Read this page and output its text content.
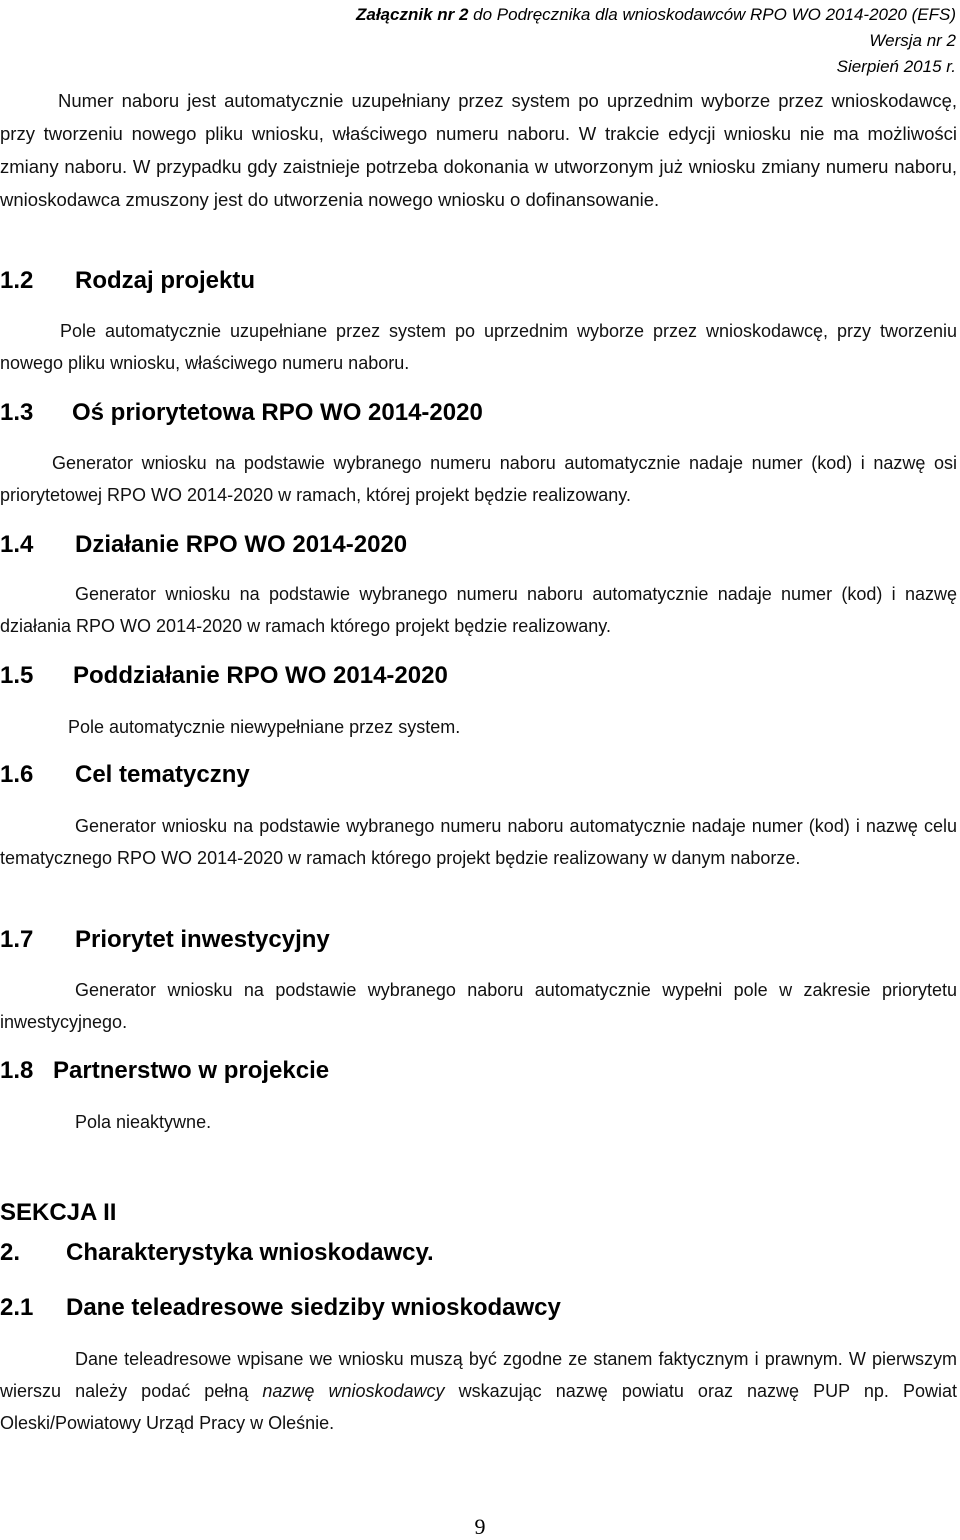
Załącznik nr 2 do Podręcznika dla wnioskodawców RPO WO 2014-2020 (EFS)
Wersja nr 2
Sierpień 2015 r.
Numer naboru jest automatycznie uzupełniany przez system po uprzednim wyborze przez wnioskodawcę, przy tworzeniu nowego pliku wniosku, właściwego numeru naboru. W trakcie edycji wniosku nie ma możliwości zmiany naboru. W przypadku gdy zaistnieje potrzeba dokonania w utworzonym już wniosku zmiany numeru naboru, wnioskodawca zmuszony jest do utworzenia nowego wniosku o dofinansowanie.
1.2 Rodzaj projektu
Pole automatycznie uzupełniane przez system po uprzednim wyborze przez wnioskodawcę, przy tworzeniu nowego pliku wniosku, właściwego numeru naboru.
1.3 Oś priorytetowa RPO WO 2014-2020
Generator wniosku na podstawie wybranego numeru naboru automatycznie nadaje numer (kod) i nazwę osi priorytetowej RPO WO 2014-2020 w ramach, której projekt będzie realizowany.
1.4 Działanie RPO WO 2014-2020
Generator wniosku na podstawie wybranego numeru naboru automatycznie nadaje numer (kod) i nazwę działania RPO WO 2014-2020 w ramach którego projekt będzie realizowany.
1.5 Poddziałanie RPO WO 2014-2020
Pole automatycznie niewypełniane przez system.
1.6 Cel tematyczny
Generator wniosku na podstawie wybranego numeru naboru automatycznie nadaje numer (kod) i nazwę celu tematycznego RPO WO 2014-2020 w ramach którego projekt będzie realizowany w danym naborze.
1.7 Priorytet inwestycyjny
Generator wniosku na podstawie wybranego naboru automatycznie wypełni pole w zakresie priorytetu inwestycyjnego.
1.8 Partnerstwo w projekcie
Pola nieaktywne.
SEKCJA II
2. Charakterystyka wnioskodawcy.
2.1 Dane teleadresowe siedziby wnioskodawcy
Dane teleadresowe wpisane we wniosku muszą być zgodne ze stanem faktycznym i prawnym. W pierwszym wierszu należy podać pełną nazwę wnioskodawcy wskazując nazwę powiatu oraz nazwę PUP np. Powiat Oleski/Powiatowy Urząd Pracy w Oleśnie.
9
